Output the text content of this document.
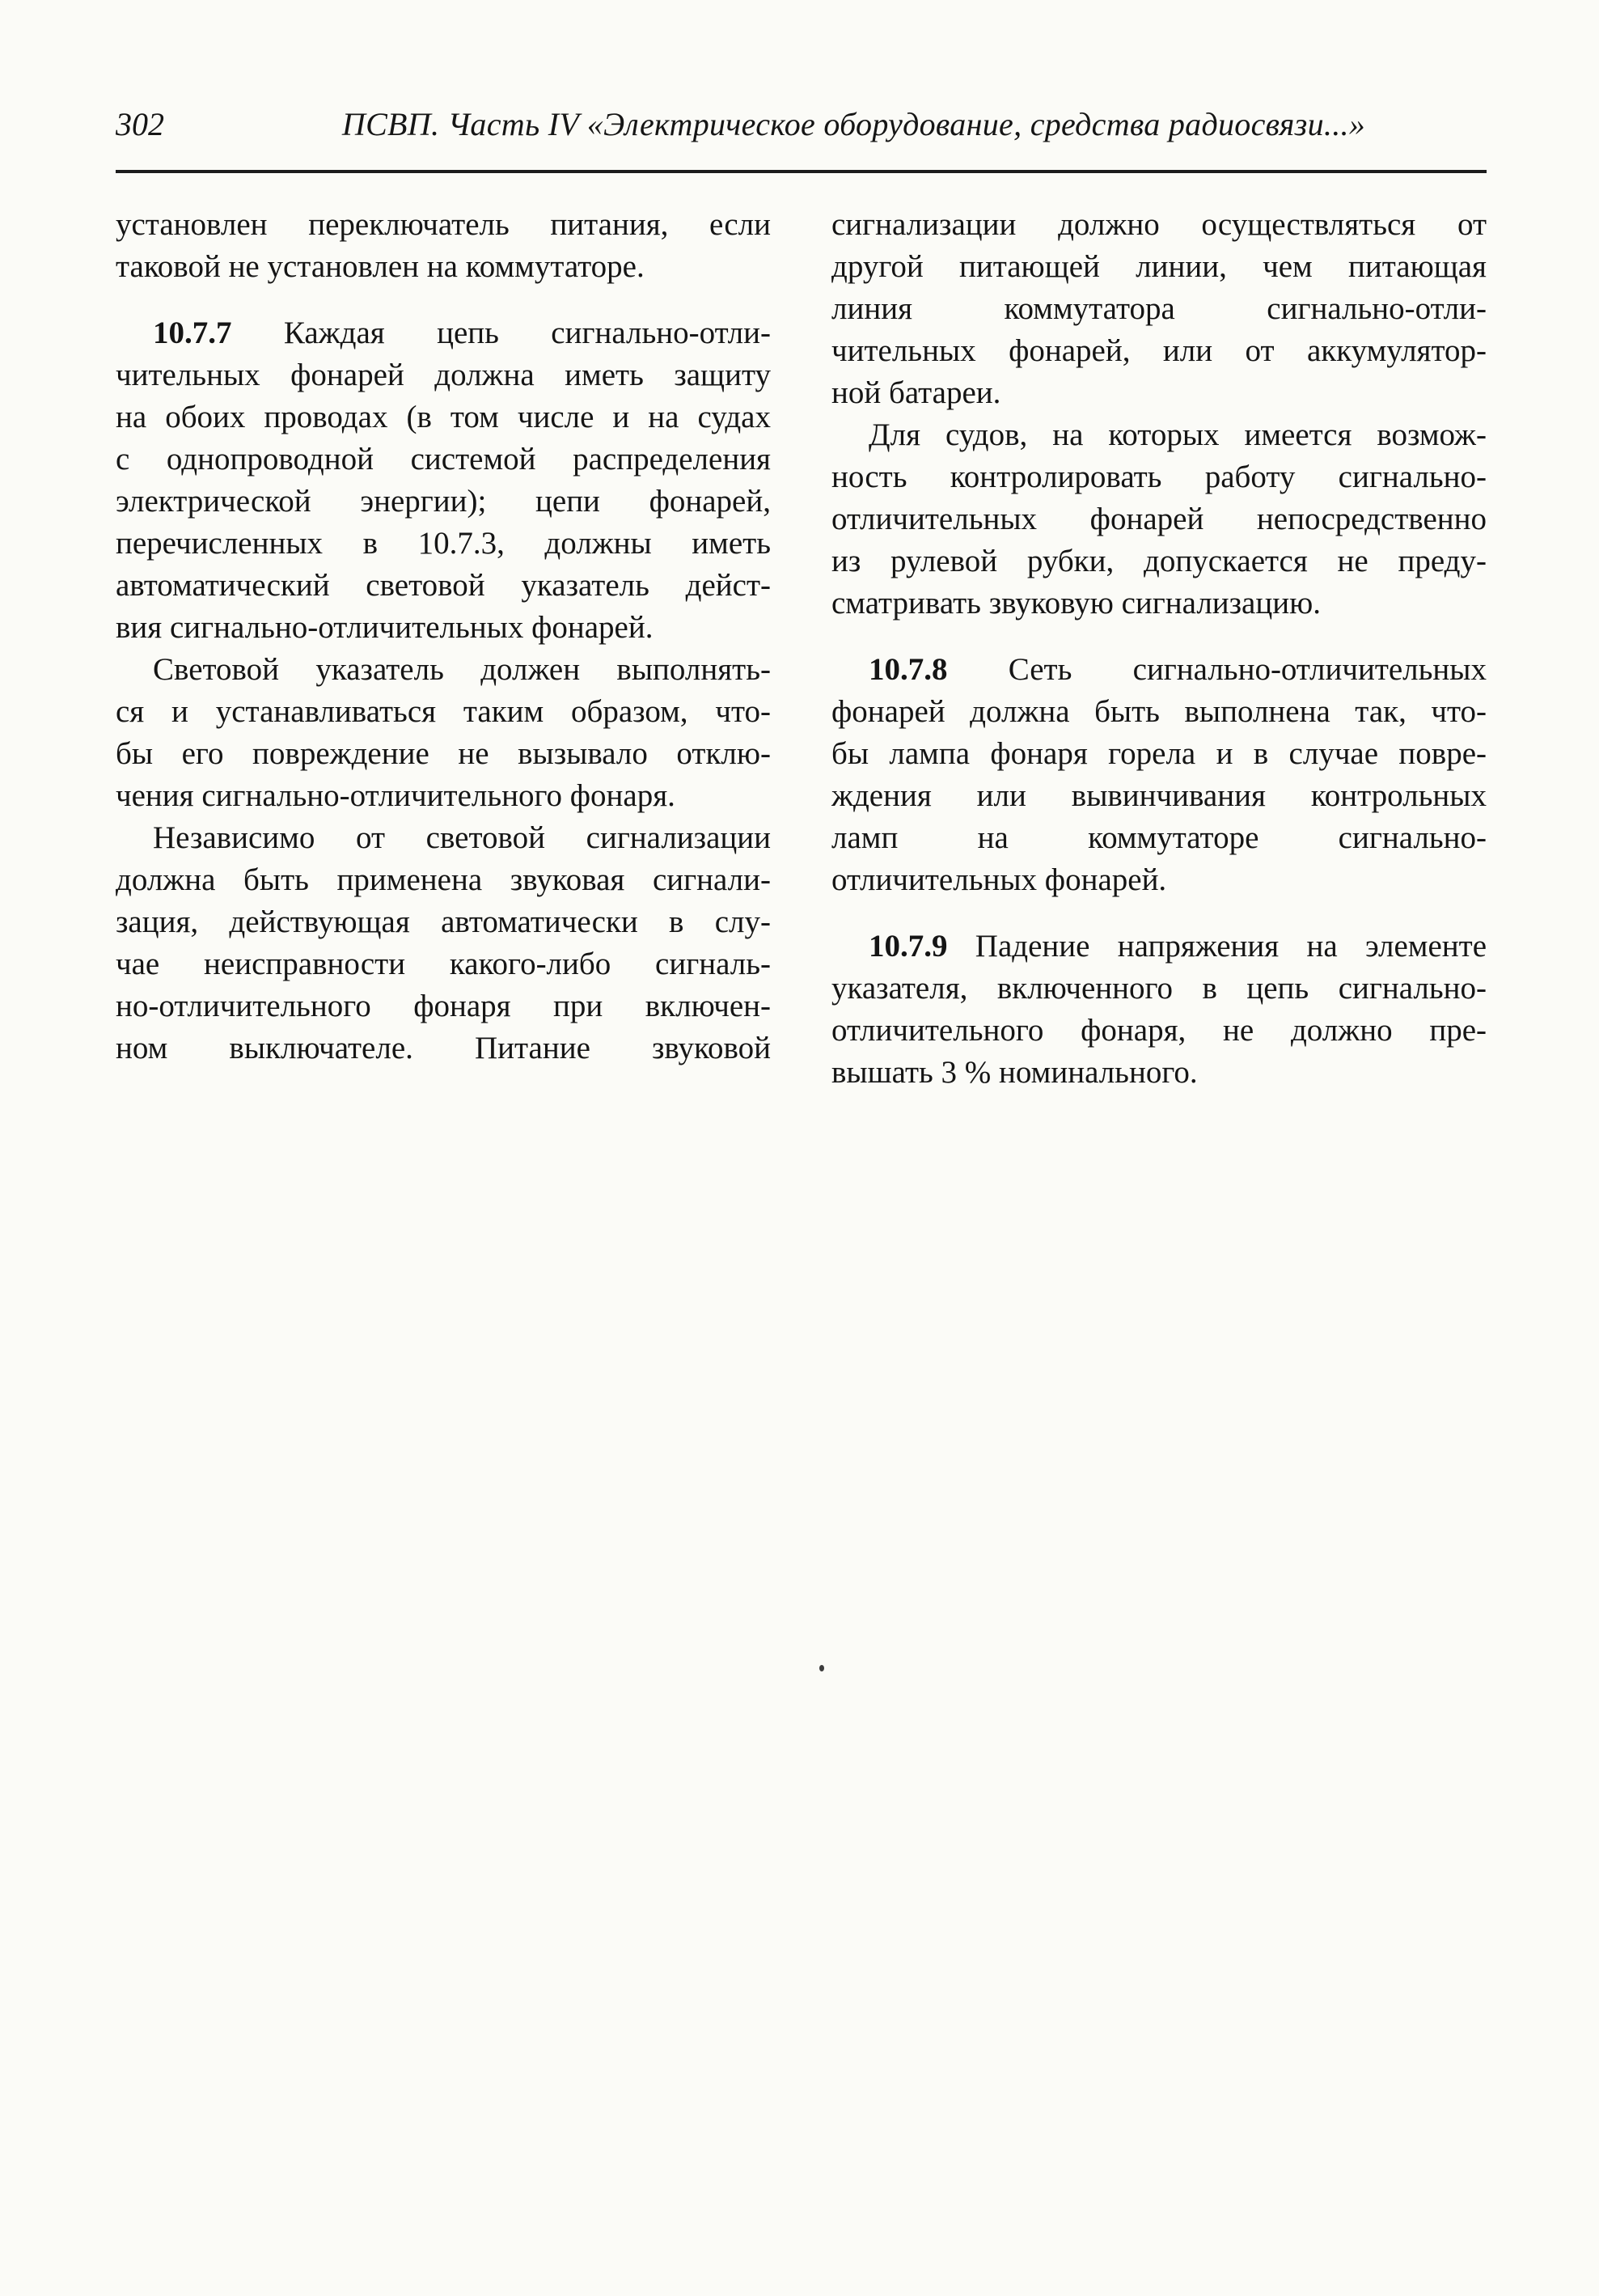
302	ПСВП. Часть IV «Электрическое оборудование, средства радиосвязи...»
установлен переключатель питания, если
таковой не установлен на коммутаторе.
10.7.7 Каждая цепь сигнально-отли-
чительных фонарей должна иметь защиту
на обоих проводах (в том числе и на судах
с однопроводной системой распределения
электрической энергии); цепи фонарей,
перечисленных в 10.7.3, должны иметь
автоматический световой указатель дейст-
вия сигнально-отличительных фонарей.
Световой указатель должен выполнять-
ся и устанавливаться таким образом, что-
бы его повреждение не вызывало отклю-
чения сигнально-отличительного фонаря.
Независимо от световой сигнализации
должна быть применена звуковая сигнали-
зация, действующая автоматически в слу-
чае неисправности какого-либо сигналь-
но-отличительного фонаря при включен-
ном выключателе. Питание звуковой
сигнализации должно осуществляться от
другой питающей линии, чем питающая
линия коммутатора сигнально-отли-
чительных фонарей, или от аккумулятор-
ной батареи.
Для судов, на которых имеется возмож-
ность контролировать работу сигнально-
отличительных фонарей непосредственно
из рулевой рубки, допускается не преду-
сматривать звуковую сигнализацию.
10.7.8 Сеть сигнально-отличительных
фонарей должна быть выполнена так, что-
бы лампа фонаря горела и в случае повре-
ждения или вывинчивания контрольных
ламп на коммутаторе сигнально-
отличительных фонарей.
10.7.9 Падение напряжения на элементе
указателя, включенного в цепь сигнально-
отличительного фонаря, не должно пре-
вышать 3 % номинального.
